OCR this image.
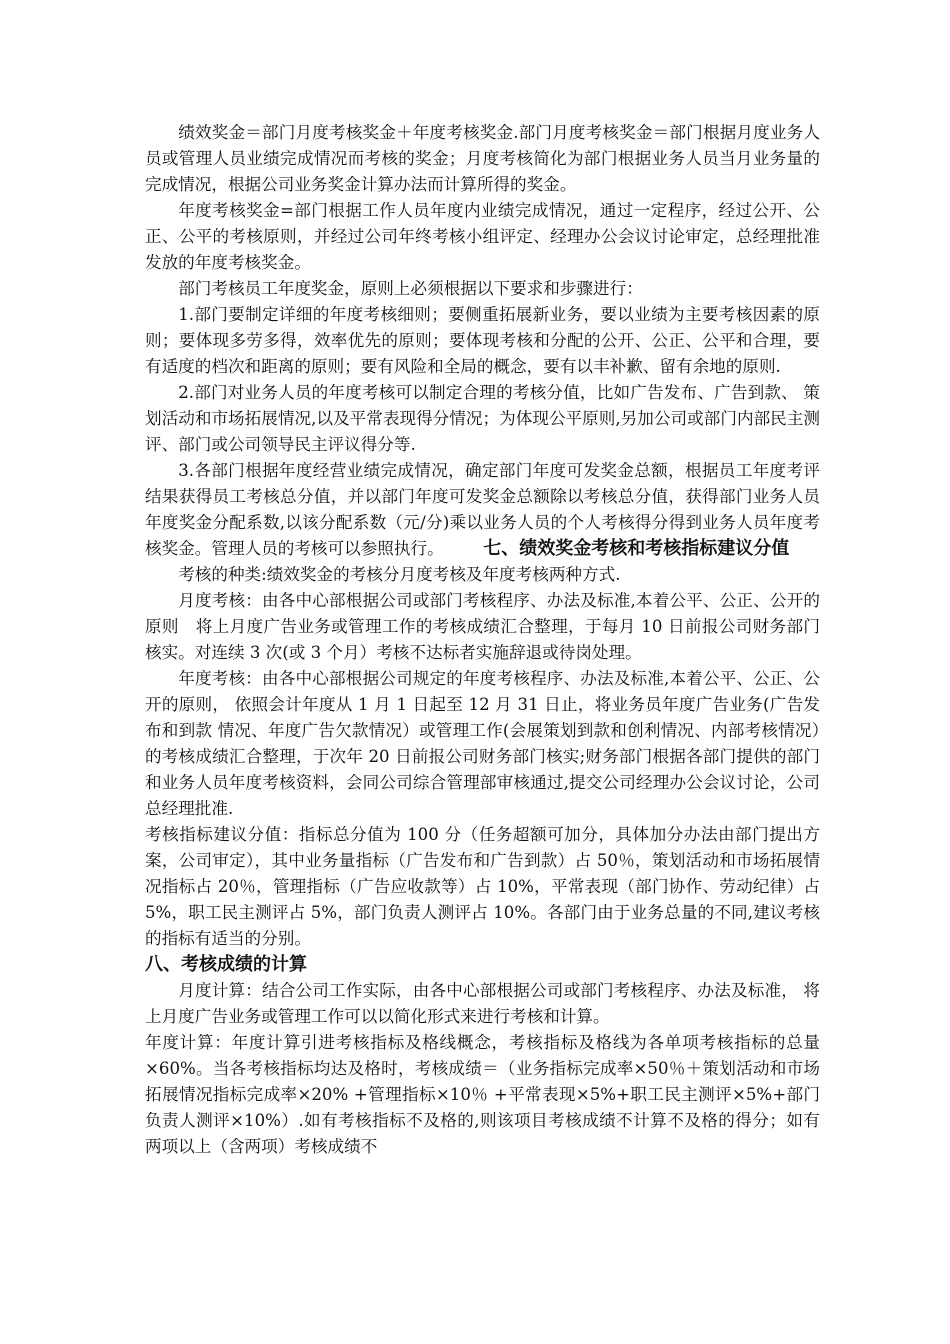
绩效奖金＝部门月度考核奖金＋年度考核奖金.部门月度考核奖金＝部门根据月度业务人员或管理人员业绩完成情况而考核的奖金；月度考核简化为部门根据业务人员当月业务量的完成情况，根据公司业务奖金计算办法而计算所得的奖金。

年度考核奖金=部门根据工作人员年度内业绩完成情况，通过一定程序，经过公开、公正、公平的考核原则，并经过公司年终考核小组评定、经理办公会议讨论审定，总经理批准发放的年度考核奖金。

部门考核员工年度奖金，原则上必须根据以下要求和步骤进行：

1.部门要制定详细的年度考核细则；要侧重拓展新业务，要以业绩为主要考核因素的原则；要体现多劳多得，效率优先的原则；要体现考核和分配的公开、公正、公平和合理，要有适度的档次和距离的原则；要有风险和全局的概念，要有以丰补歉、留有余地的原则.

2.部门对业务人员的年度考核可以制定合理的考核分值，比如广告发布、广告到款、 策划活动和市场拓展情况,以及平常表现得分情况；为体现公平原则,另加公司或部门内部民主测评、部门或公司领导民主评议得分等.

3.各部门根据年度经营业绩完成情况，确定部门年度可发奖金总额，根据员工年度考评结果获得员工考核总分值，并以部门年度可发奖金总额除以考核总分值，获得部门业务人员年度奖金分配系数,以该分配系数（元/分)乘以业务人员的个人考核得分得到业务人员年度考核奖金。管理人员的考核可以参照执行。 七、绩效奖金考核和考核指标建议分值

考核的种类:绩效奖金的考核分月度考核及年度考核两种方式.

月度考核：由各中心部根据公司或部门考核程序、办法及标准,本着公平、公正、公开的原则　将上月度广告业务或管理工作的考核成绩汇合整理，于每月 10 日前报公司财务部门核实。对连续 3 次(或 3 个月）考核不达标者实施辞退或待岗处理。

年度考核：由各中心部根据公司规定的年度考核程序、办法及标准,本着公平、公正、公开的原则， 依照会计年度从 1 月 1 日起至 12 月 31 日止，将业务员年度广告业务(广告发布和到款 情况、年度广告欠款情况）或管理工作(会展策划到款和创利情况、内部考核情况）的考核成绩汇合整理，于次年 20 日前报公司财务部门核实;财务部门根据各部门提供的部门和业务人员年度考核资料，会同公司综合管理部审核通过,提交公司经理办公会议讨论，公司总经理批准.

考核指标建议分值：指标总分值为 100 分（任务超额可加分，具体加分办法由部门提出方案，公司审定），其中业务量指标（广告发布和广告到款）占 50％，策划活动和市场拓展情况指标占 20％，管理指标（广告应收款等）占 10%，平常表现（部门协作、劳动纪律）占 5%，职工民主测评占 5%，部门负责人测评占 10%。各部门由于业务总量的不同,建议考核的指标有适当的分别。

八、考核成绩的计算

月度计算：结合公司工作实际，由各中心部根据公司或部门考核程序、办法及标准， 将上月度广告业务或管理工作可以以简化形式来进行考核和计算。

年度计算：年度计算引进考核指标及格线概念，考核指标及格线为各单项考核指标的总量×60%。当各考核指标均达及格时，考核成绩＝（业务指标完成率×50％＋策划活动和市场拓展情况指标完成率×20% +管理指标×10％ +平常表现×5%+职工民主测评×5%+部门负责人测评×10%）.如有考核指标不及格的,则该项目考核成绩不计算不及格的得分；如有两项以上（含两项）考核成绩不
